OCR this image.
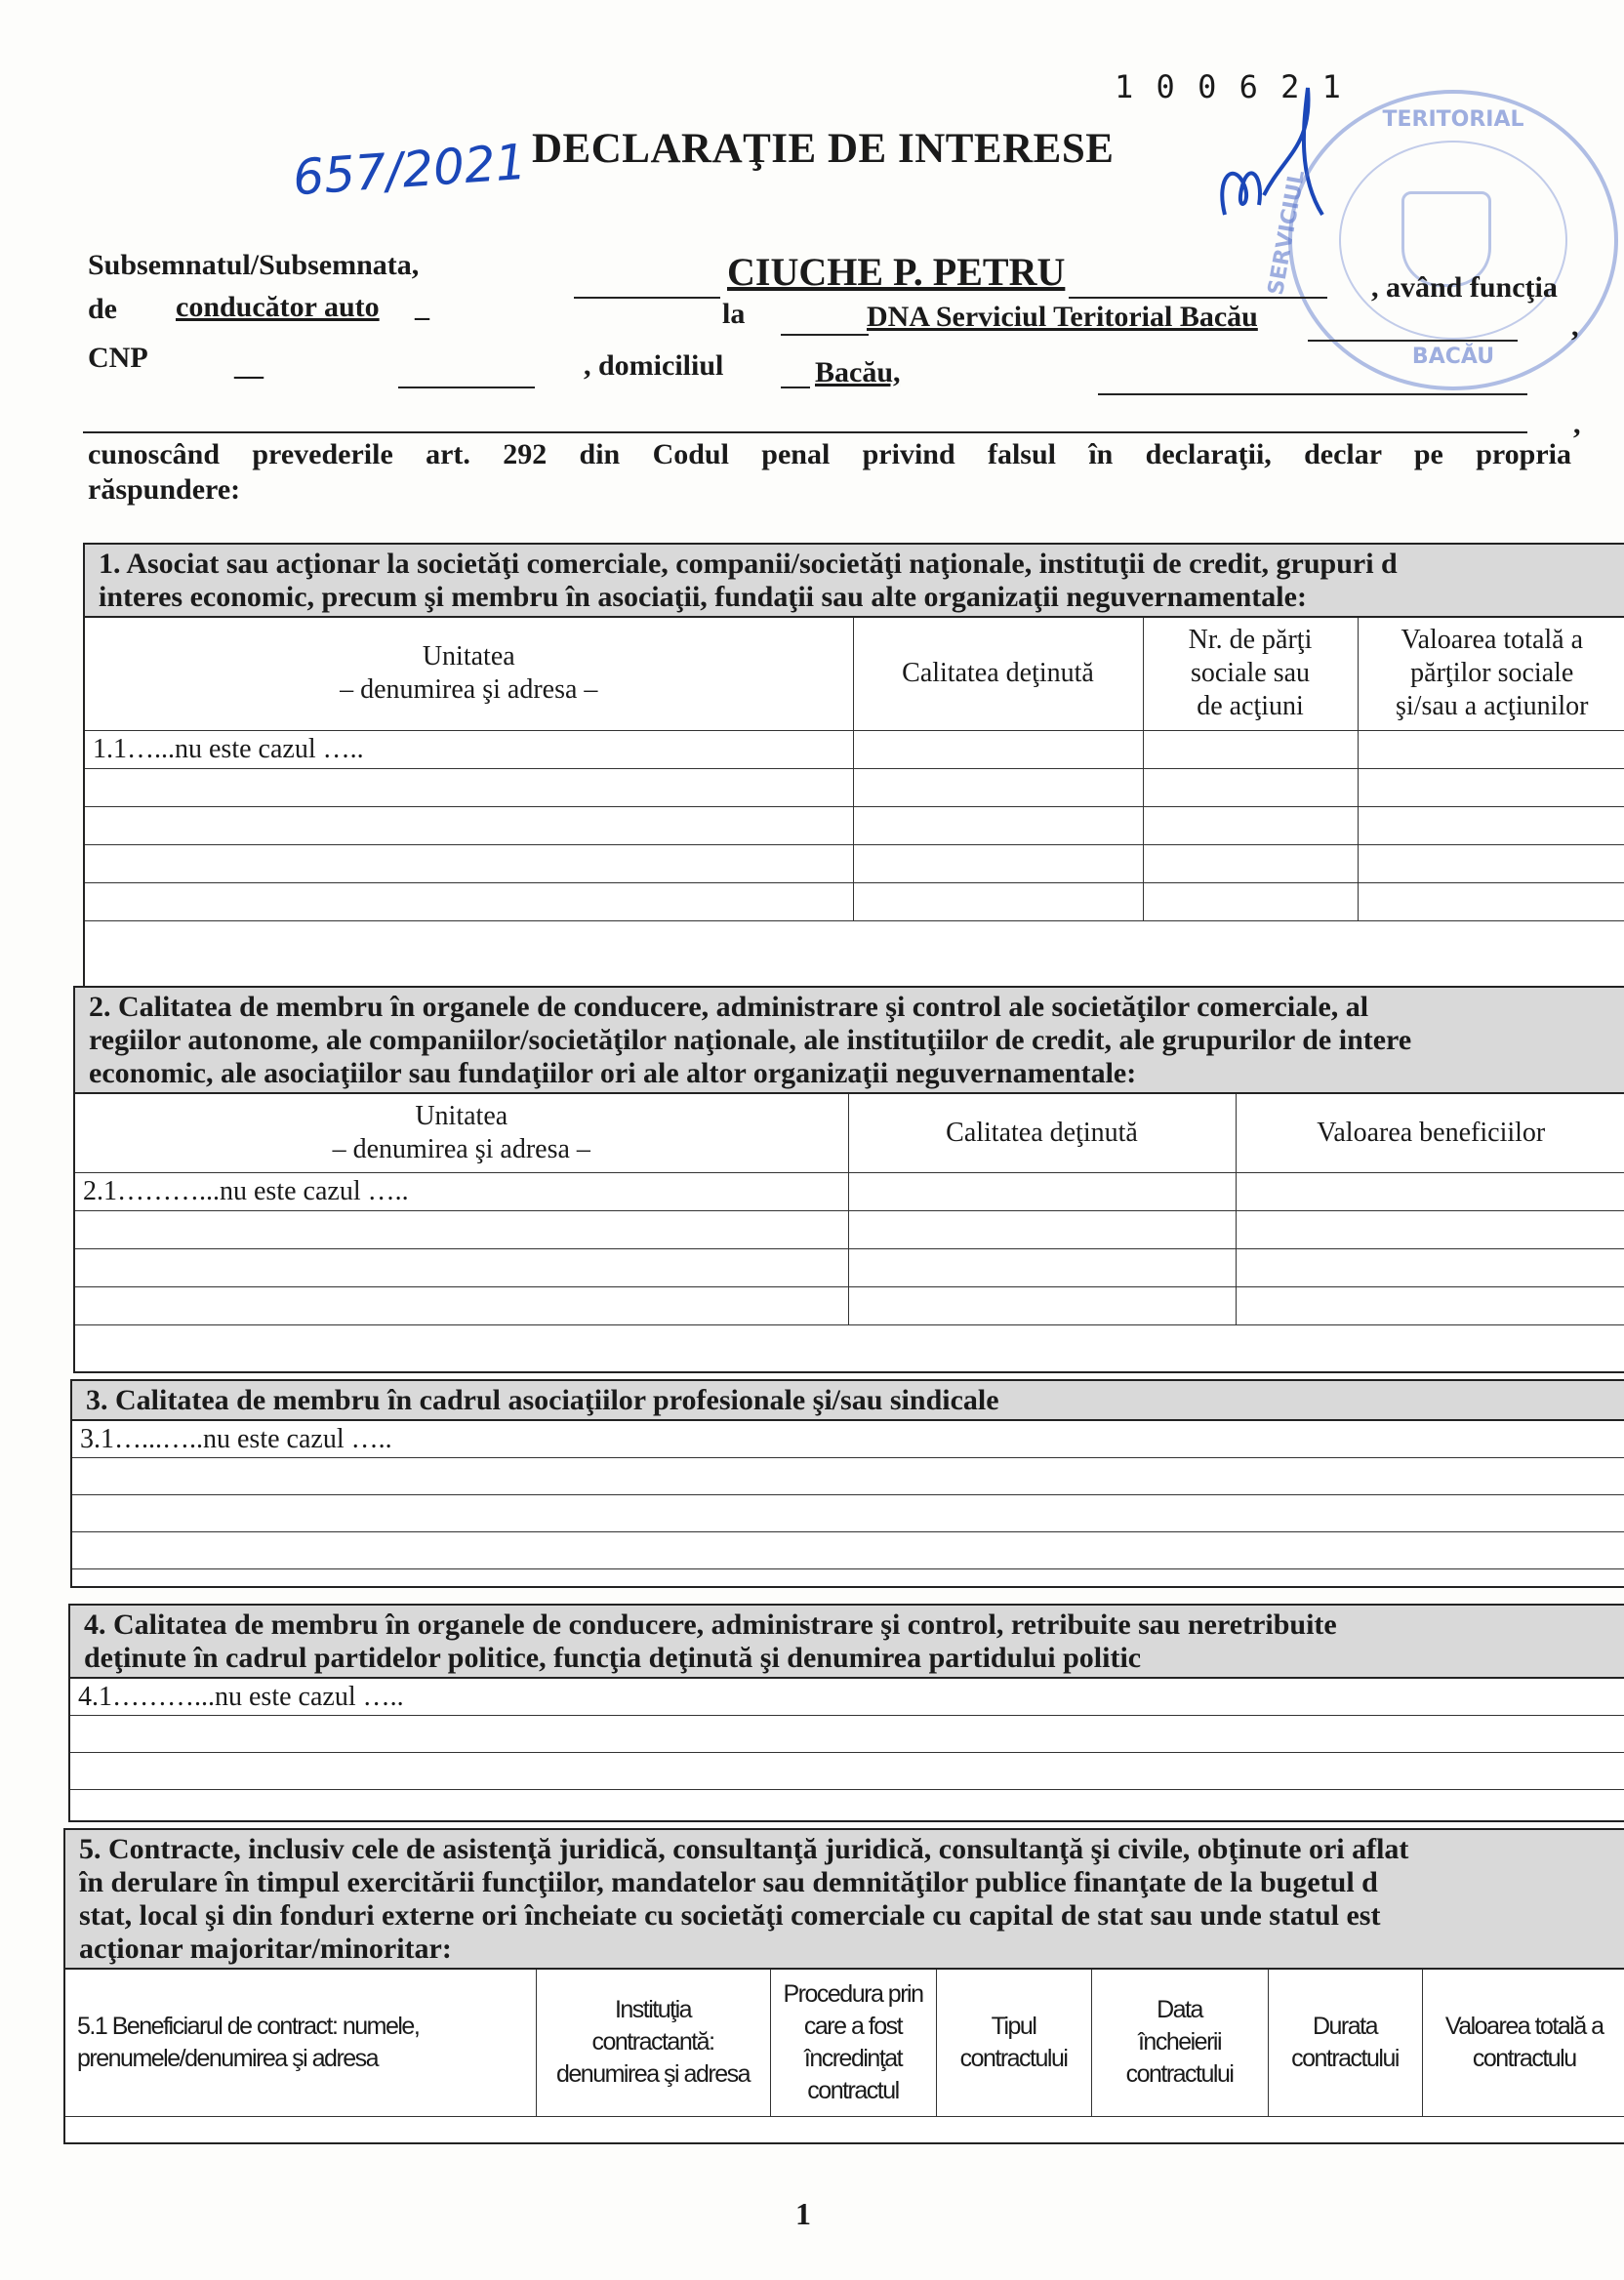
1 0 0 6 2 1
657/2021 DECLARAŢIE DE INTERESE
TERITORIAL
SERVICIUL
BACĂU
Subsemnatul/Subsemnata,	CIUCHE P. PETRU	, având funcţia
de conducător auto _	la	DNA Serviciul Teritorial Bacău	,
CNP	__	, domiciliul	Bacău,
,
cunoscând prevederile art. 292 din Codul penal privind falsul în declaraţii, declar pe propria
răspundere:
1. Asociat sau acţionar la societăţi comerciale, companii/societăţi naţionale, instituţii de credit, grupuri d
interes economic, precum şi membru în asociaţii, fundaţii sau alte organizaţii neguvernamentale:
Unitatea
– denumirea şi adresa –	Calitatea deţinută	Nr. de părţi
sociale sau
de acţiuni	Valoarea totală a
părţilor sociale
şi/sau a acţiunilor
1.1…...nu este cazul …..			

2. Calitatea de membru în organele de conducere, administrare şi control ale societăţilor comerciale, al
regiilor autonome, ale companiilor/societăţilor naţionale, ale instituţiilor de credit, ale grupurilor de intere
economic, ale asociaţiilor sau fundaţiilor ori ale altor organizaţii neguvernamentale:
Unitatea
– denumirea şi adresa –	Calitatea deţinută	Valoarea beneficiilor
2.1………...nu este cazul …..		

3. Calitatea de membru în cadrul asociaţiilor profesionale şi/sau sindicale
3.1…...…..nu este cazul …..
4. Calitatea de membru în organele de conducere, administrare şi control, retribuite sau neretribuite
deţinute în cadrul partidelor politice, funcţia deţinută şi denumirea partidului politic
4.1………...nu este cazul …..
5. Contracte, inclusiv cele de asistenţă juridică, consultanţă juridică, consultanţă şi civile, obţinute ori aflat
în derulare în timpul exercitării funcţiilor, mandatelor sau demnităţilor publice finanţate de la bugetul d
stat, local şi din fonduri externe ori încheiate cu societăţi comerciale cu capital de stat sau unde statul est
acţionar majoritar/minoritar:
5.1 Beneficiarul de contract: numele, prenumele/denumirea şi adresa	Instituţia contractantă: denumirea şi adresa	Procedura prin care a fost încredinţat contractul	Tipul contractului	Data încheierii contractului	Durata contractului	Valoarea totală a contractulu
1
